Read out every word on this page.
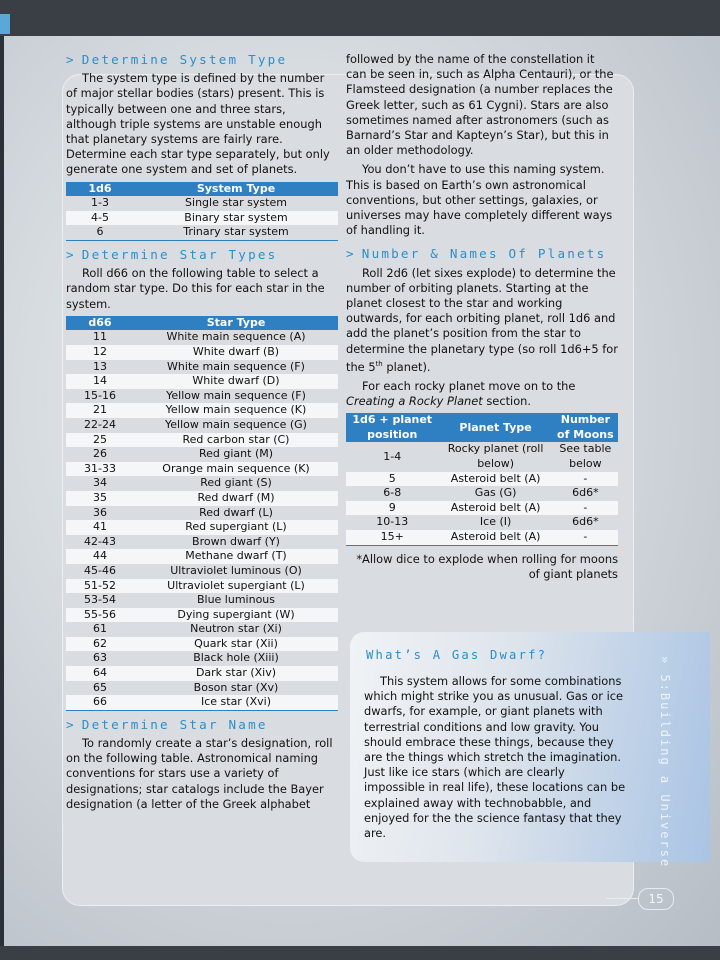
> Determine System Type

The system type is defined by the number of major stellar bodies (stars) present. This is typically between one and three stars, although triple systems are unstable enough that planetary systems are fairly rare. Determine each star type separately, but only generate one system and set of planets.

1d6	System Type
1-3	Single star system
4-5	Binary star system
6	Trinary star system
> Determine Star Types

Roll d66 on the following table to select a random star type. Do this for each star in the system.

d66	Star Type
11	White main sequence (A)
12	White dwarf (B)
13	White main sequence (F)
14	White dwarf (D)
15-16	Yellow main sequence (F)
21	Yellow main sequence (K)
22-24	Yellow main sequence (G)
25	Red carbon star (C)
26	Red giant (M)
31-33	Orange main sequence (K)
34	Red giant (S)
35	Red dwarf (M)
36	Red dwarf (L)
41	Red supergiant (L)
42-43	Brown dwarf (Y)
44	Methane dwarf (T)
45-46	Ultraviolet luminous (O)
51-52	Ultraviolet supergiant (L)
53-54	Blue luminous
55-56	Dying supergiant (W)
61	Neutron star (Xi)
62	Quark star (Xii)
63	Black hole (Xiii)
64	Dark star (Xiv)
65	Boson star (Xv)
66	Ice star (Xvi)
> Determine Star Name

To randomly create a star’s designation, roll on the following table. Astronomical naming conventions for stars use a variety of designations; star catalogs include the Bayer designation (a letter of the Greek alphabet

followed by the name of the constellation it can be seen in, such as Alpha Centauri), or the Flamsteed designation (a number replaces the Greek letter, such as 61 Cygni). Stars are also sometimes named after astronomers (such as Barnard’s Star and Kapteyn’s Star), but this in an older methodology.

You don’t have to use this naming system. This is based on Earth’s own astronomical conventions, but other settings, galaxies, or universes may have completely different ways of handling it.

> Number & Names Of Planets

Roll 2d6 (let sixes explode) to determine the number of orbiting planets. Starting at the planet closest to the star and working outwards, for each orbiting planet, roll 1d6 and add the planet’s position from the star to determine the planetary type (so roll 1d6+5 for the 5th planet).

For each rocky planet move on to the Creating a Rocky Planet section.

1d6 + planet position	Planet Type	Number of Moons
1-4	Rocky planet (roll below)	See table below
5	Asteroid belt (A)	-
6-8	Gas (G)	6d6*
9	Asteroid belt (A)	-
10-13	Ice (I)	6d6*
15+	Asteroid belt (A)	-

*Allow dice to explode when rolling for moons of giant planets

What’s A Gas Dwarf?

This system allows for some combinations which might strike you as unusual. Gas or ice dwarfs, for example, or giant planets with terrestrial conditions and low gravity. You should embrace these things, because they are the things which stretch the imagination. Just like ice stars (which are clearly impossible in real life), these locations can be explained away with technobabble, and enjoyed for the the science fantasy that they are.	» 5:Building a Universe
15
